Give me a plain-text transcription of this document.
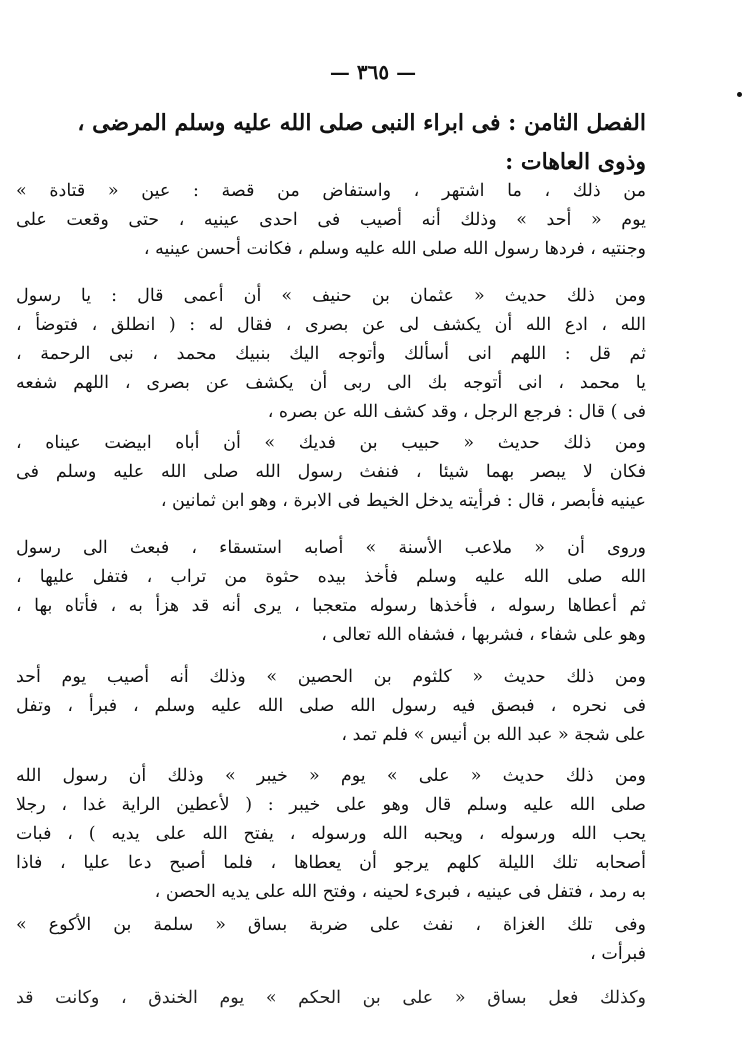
— ٣٦٥ —
الفصل الثامن : فى ابراء النبى صلى الله عليه وسلم المرضى ،
وذوى العاهات :
من ذلك ، ما اشتهر ، واستفاض من قصة : عين « قتادة »
يوم « أحد » وذلك أنه أصيب فى احدى عينيه ، حتى وقعت على
وجنتيه ، فردها رسول الله صلى الله عليه وسلم ، فكانت أحسن عينيه ،
ومن ذلك حديث « عثمان بن حنيف » أن أعمى قال : يا رسول
الله ، ادع الله أن يكشف لى عن بصرى ، فقال له : ( انطلق ، فتوضأ ،
ثم قل : اللهم انى أسألك وأتوجه اليك بنبيك محمد ، نبى الرحمة ،
يا محمد ، انى أتوجه بك الى ربى أن يكشف عن بصرى ، اللهم شفعه
فى ) قال : فرجع الرجل ، وقد كشف الله عن بصره ،
ومن ذلك حديث « حبيب بن فديك » أن أباه ابيضت عيناه ،
فكان لا يبصر بهما شيئا ، فنفث رسول الله صلى الله عليه وسلم فى
عينيه فأبصر ، قال : فرأيته يدخل الخيط فى الابرة ، وهو ابن ثمانين ،
وروى أن « ملاعب الأسنة » أصابه استسقاء ، فبعث الى رسول
الله صلى الله عليه وسلم فأخذ بيده حثوة من تراب ، فتفل عليها ،
ثم أعطاها رسوله ، فأخذها رسوله متعجبا ، يرى أنه قد هزأ به ، فأتاه بها ،
وهو على شفاء ، فشربها ، فشفاه الله تعالى ،
ومن ذلك حديث « كلثوم بن الحصين » وذلك أنه أصيب يوم أحد
فى نحره ، فبصق فيه رسول الله صلى الله عليه وسلم ، فبرأ ، وتفل
على شجة « عبد الله بن أنيس » فلم تمد ،
ومن ذلك حديث « على » يوم « خيبر » وذلك أن رسول الله
صلى الله عليه وسلم قال وهو على خيبر : ( لأعطين الراية غدا ، رجلا
يحب الله ورسوله ، ويحبه الله ورسوله ، يفتح الله على يديه ) ، فبات
أصحابه تلك الليلة كلهم يرجو أن يعطاها ، فلما أصبح دعا عليا ، فاذا
به رمد ، فتفل فى عينيه ، فبرىء لحينه ، وفتح الله على يديه الحصن ،
وفى تلك الغزاة ، نفث على ضربة بساق « سلمة بن الأكوع »
فبرأت ،
وكذلك فعل بساق « على بن الحكم » يوم الخندق ، وكانت قد
